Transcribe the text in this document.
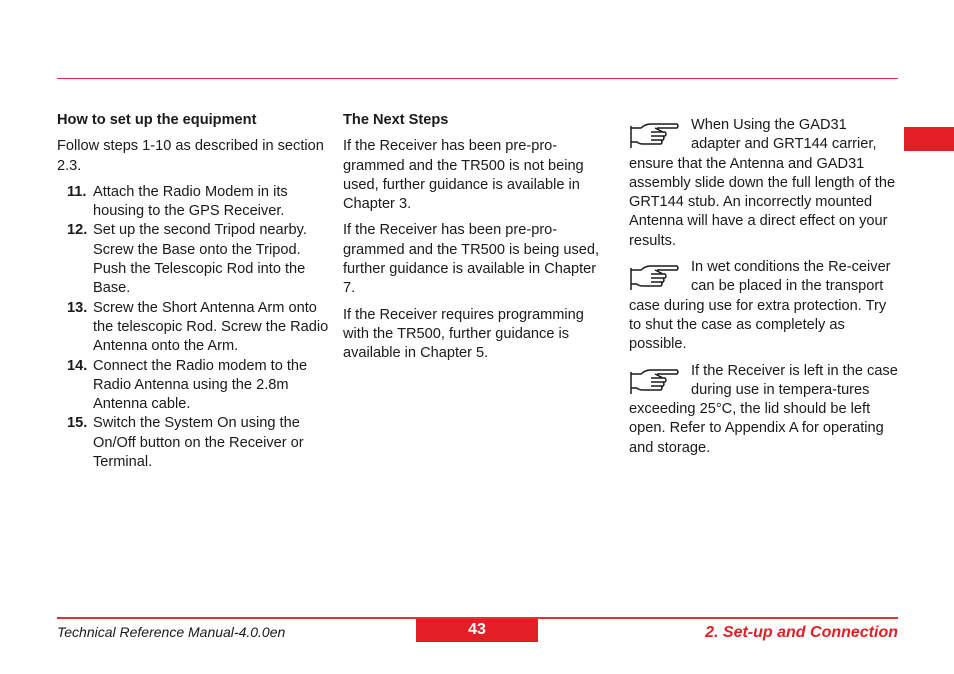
How to set up the equipment
Follow steps 1-10 as described in section 2.3.
11. Attach the Radio Modem in its housing to the GPS Receiver.
12. Set up the second Tripod nearby. Screw the Base onto the Tripod. Push the Telescopic Rod into the Base.
13. Screw the Short Antenna Arm onto the telescopic Rod. Screw the Radio Antenna onto the Arm.
14. Connect the Radio modem to the Radio Antenna using the 2.8m Antenna cable.
15. Switch the System On using the On/Off button on the Receiver or Terminal.
The Next Steps
If the Receiver has been pre-pro-grammed and the TR500 is not being used, further guidance is available in Chapter 3.
If the Receiver has been pre-pro-grammed and the TR500 is being used, further guidance is available in Chapter 7.
If the Receiver requires programming with the TR500, further guidance is available in Chapter 5.
When Using the GAD31 adapter and GRT144 carrier, ensure that the Antenna and GAD31 assembly slide down the full length of the GRT144 stub. An incorrectly mounted Antenna will have a direct effect on your results.
In wet conditions the Re-ceiver can be placed in the transport case during use for extra protection. Try to shut the case as completely as possible.
If the Receiver is left in the case during use in tempera-tures exceeding 25°C, the lid should be left open. Refer to Appendix A for operating and storage.
Technical Reference Manual-4.0.0en	43	2. Set-up and Connection
